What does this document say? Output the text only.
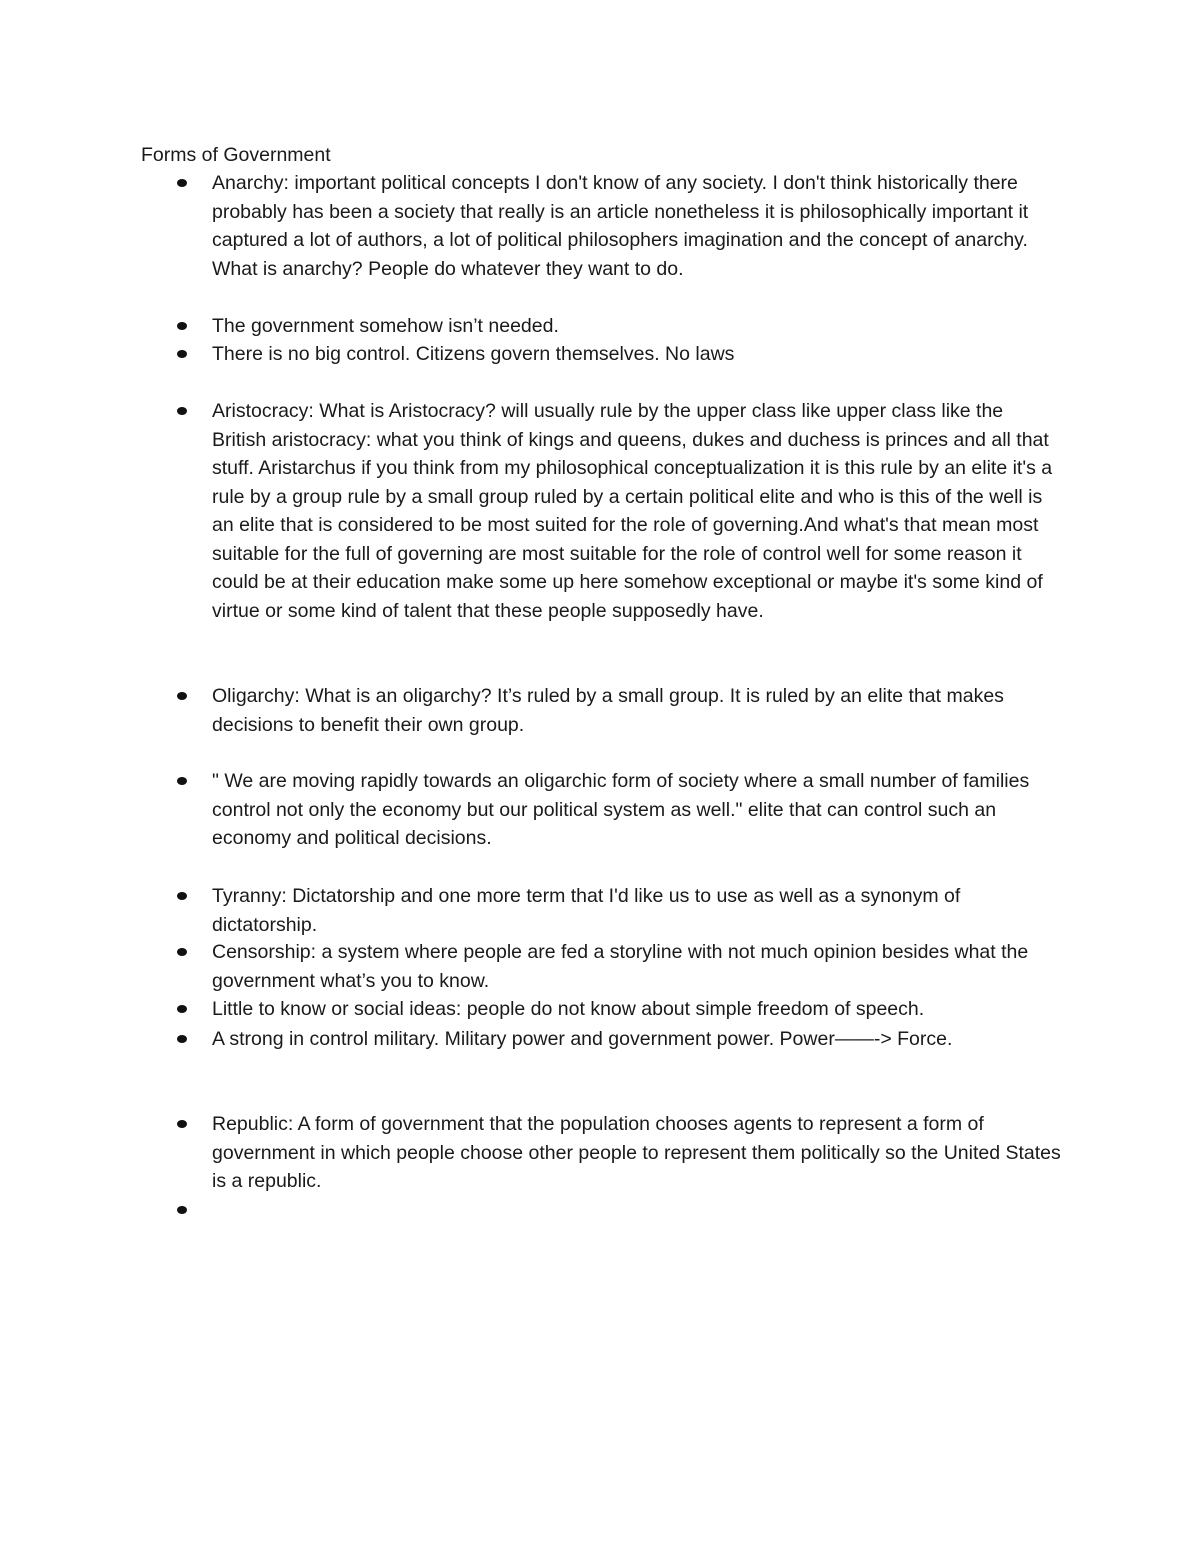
Forms of Government
Anarchy: important political concepts I don't know of any society. I don't think historically there probably has been a society that really is an article nonetheless it is philosophically important it captured a lot of authors, a lot of political philosophers imagination and the concept of anarchy. What is anarchy? People do whatever they want to do.
The government somehow isn’t needed.
There is no big control. Citizens govern themselves. No laws
Aristocracy: What is Aristocracy? will usually rule by the upper class like upper class like the British aristocracy: what you think of kings and queens, dukes and duchess is princes and all that stuff. Aristarchus if you think from my philosophical conceptualization it is this rule by an elite it's a rule by a group rule by a small group ruled by a certain political elite and who is this of the well is an elite that is considered to be most suited for the role of governing.And what's that mean most suitable for the full of governing are most suitable for the role of control well for some reason it could be at their education make some up here somehow exceptional or maybe it's some kind of virtue or some kind of talent that these people supposedly have.
Oligarchy: What is an oligarchy? It’s ruled by a small group. It is ruled by an elite that makes decisions to benefit their own group.
" We are moving rapidly towards an oligarchic form of society where a small number of families control not only the economy but our political system as well." elite that can control such an economy and political decisions.
Tyranny: Dictatorship and one more term that I'd like us to use as well as a synonym of dictatorship.
Censorship: a system where people are fed a storyline with not much opinion besides what the government what’s you to know.
Little to know or social ideas: people do not know about simple freedom of speech.
A strong in control military. Military power and government power. Power——-> Force.
Republic: A form of government that the population chooses agents to represent a form of government in which people choose other people to represent them politically so the United States is a republic.
